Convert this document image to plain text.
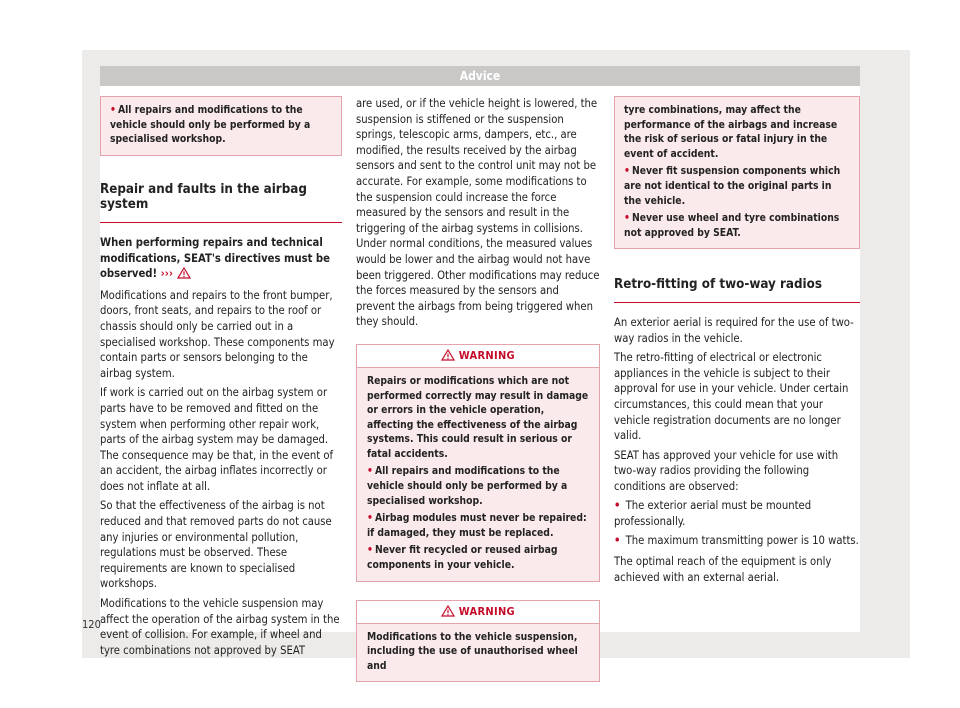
Advice
• All repairs and modifications to the vehicle should only be performed by a specialised workshop.
Repair and faults in the airbag system

When performing repairs and technical modifications, SEAT's directives must be observed! ›››

Modifications and repairs to the front bumper, doors, front seats, and repairs to the roof or chassis should only be carried out in a specialised workshop. These components may contain parts or sensors belonging to the airbag system.

If work is carried out on the airbag system or parts have to be removed and fitted on the system when performing other repair work, parts of the airbag system may be damaged. The consequence may be that, in the event of an accident, the airbag inflates incorrectly or does not inflate at all.

So that the effectiveness of the airbag is not reduced and that removed parts do not cause any injuries or environmental pollution, regulations must be observed. These requirements are known to specialised workshops.

Modifications to the vehicle suspension may affect the operation of the airbag system in the event of collision. For example, if wheel and tyre combinations not approved by SEAT

are used, or if the vehicle height is lowered, the suspension is stiffened or the suspension springs, telescopic arms, dampers, etc., are modified, the results received by the airbag sensors and sent to the control unit may not be accurate. For example, some modifications to the suspension could increase the force measured by the sensors and result in the triggering of the airbag systems in collisions. Under normal conditions, the measured values would be lower and the airbag would not have been triggered. Other modifications may reduce the forces measured by the sensors and prevent the airbags from being triggered when they should.

WARNING
Repairs or modifications which are not performed correctly may result in damage or errors in the vehicle operation, affecting the effectiveness of the airbag systems. This could result in serious or fatal accidents.
• All repairs and modifications to the vehicle should only be performed by a specialised workshop.
• Airbag modules must never be repaired: if damaged, they must be replaced.
• Never fit recycled or reused airbag components in your vehicle.
WARNING
Modifications to the vehicle suspension, including the use of unauthorised wheel and
tyre combinations, may affect the performance of the airbags and increase the risk of serious or fatal injury in the event of accident.
• Never fit suspension components which are not identical to the original parts in the vehicle.
• Never use wheel and tyre combinations not approved by SEAT.
Retro-fitting of two-way radios

An exterior aerial is required for the use of two-way radios in the vehicle.

The retro-fitting of electrical or electronic appliances in the vehicle is subject to their approval for use in your vehicle. Under certain circumstances, this could mean that your vehicle registration documents are no longer valid.

SEAT has approved your vehicle for use with two-way radios providing the following conditions are observed:

• The exterior aerial must be mounted professionally.
• The maximum transmitting power is 10 watts.

The optimal reach of the equipment is only achieved with an external aerial.

120
